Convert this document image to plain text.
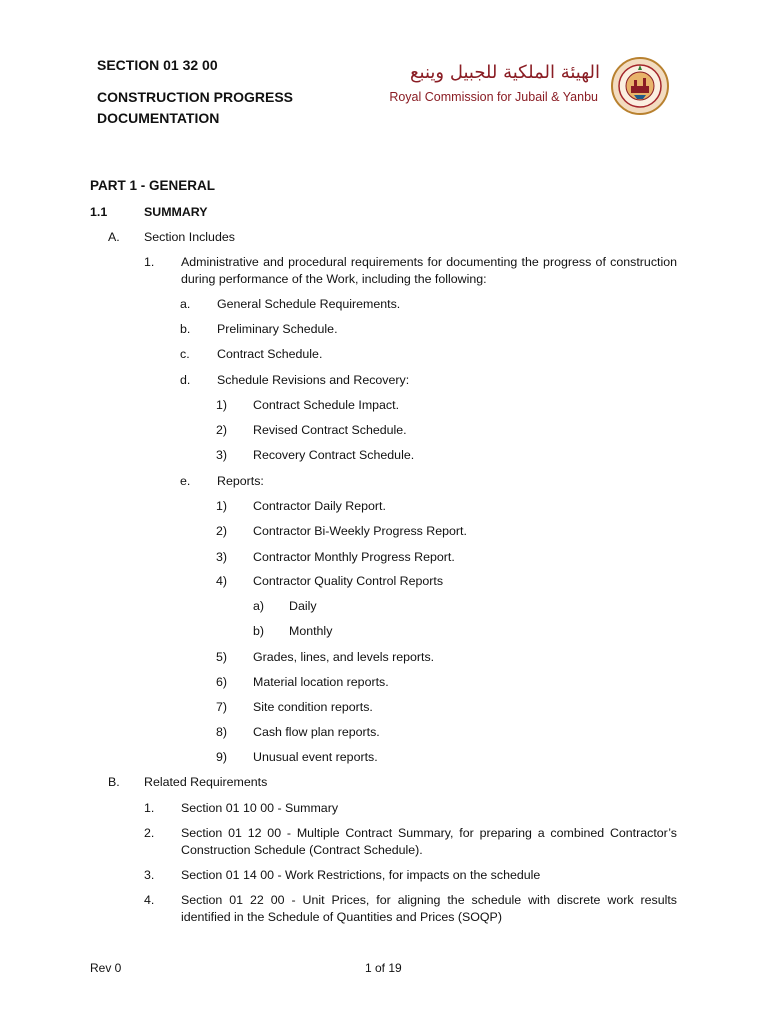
SECTION 01 32 00
CONSTRUCTION PROGRESS DOCUMENTATION
الهيئة الملكية للجبيل وينبع
Royal Commission for Jubail & Yanbu
PART 1 - GENERAL
1.1	SUMMARY
A. Section Includes
1. Administrative and procedural requirements for documenting the progress of construction during performance of the Work, including the following:
a. General Schedule Requirements.
b. Preliminary Schedule.
c. Contract Schedule.
d. Schedule Revisions and Recovery:
1) Contract Schedule Impact.
2) Revised Contract Schedule.
3) Recovery Contract Schedule.
e. Reports:
1) Contractor Daily Report.
2) Contractor Bi-Weekly Progress Report.
3) Contractor Monthly Progress Report.
4) Contractor Quality Control Reports
a) Daily
b) Monthly
5) Grades, lines, and levels reports.
6) Material location reports.
7) Site condition reports.
8) Cash flow plan reports.
9) Unusual event reports.
B. Related Requirements
1. Section 01 10 00 - Summary
2. Section 01 12 00 - Multiple Contract Summary, for preparing a combined Contractor’s Construction Schedule (Contract Schedule).
3. Section 01 14 00 - Work Restrictions, for impacts on the schedule
4. Section 01 22 00 - Unit Prices, for aligning the schedule with discrete work results identified in the Schedule of Quantities and Prices (SOQP)
Rev 0	1 of 19
